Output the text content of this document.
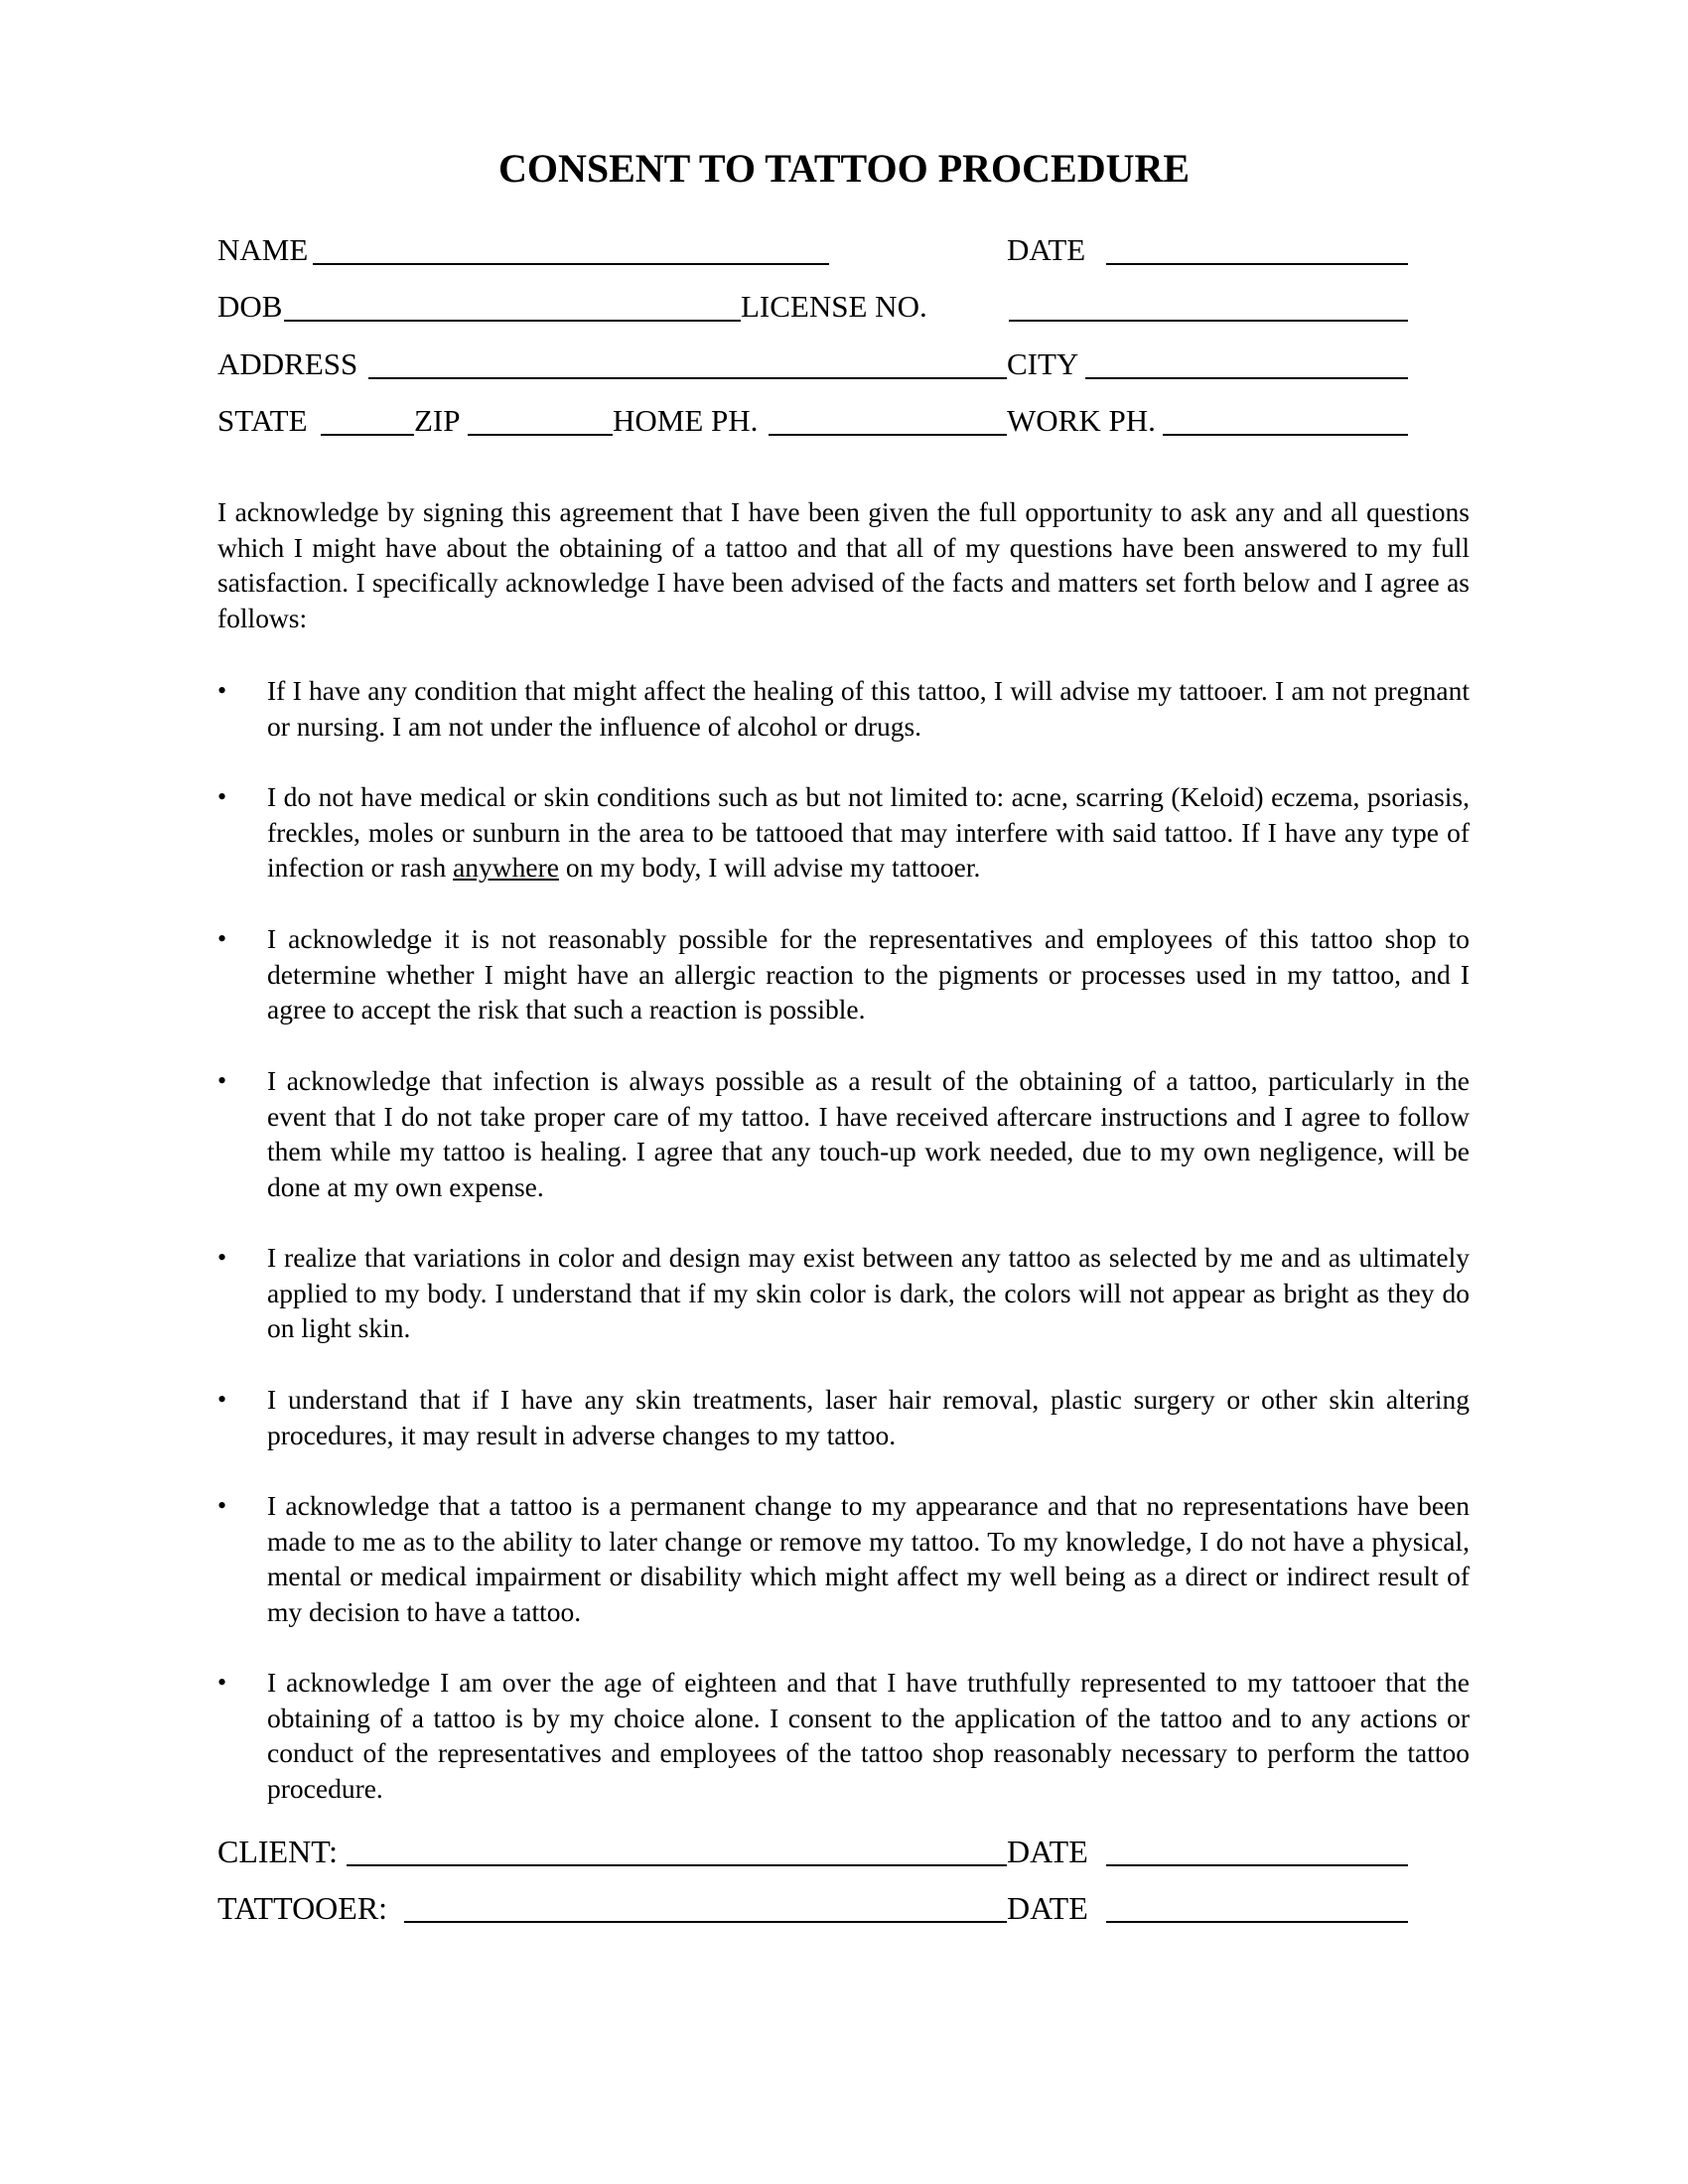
CONSENT TO TATTOO PROCEDURE
NAME	DATE
DOB	LICENSE NO.
ADDRESS	CITY
STATE	ZIP	HOME PH.	WORK PH.

I acknowledge by signing this agreement that I have been given the full opportunity to ask any and all questions which I might have about the obtaining of a tattoo and that all of my questions have been answered to my full satisfaction. I specifically acknowledge I have been advised of the facts and matters set forth below and I agree as follows:

• If I have any condition that might affect the healing of this tattoo, I will advise my tattooer. I am not pregnant or nursing. I am not under the influence of alcohol or drugs.
• I do not have medical or skin conditions such as but not limited to: acne, scarring (Keloid) eczema, psoriasis, freckles, moles or sunburn in the area to be tattooed that may interfere with said tattoo. If I have any type of infection or rash anywhere on my body, I will advise my tattooer.
• I acknowledge it is not reasonably possible for the representatives and employees of this tattoo shop to determine whether I might have an allergic reaction to the pigments or processes used in my tattoo, and I agree to accept the risk that such a reaction is possible.
• I acknowledge that infection is always possible as a result of the obtaining of a tattoo, particularly in the event that I do not take proper care of my tattoo. I have received aftercare instructions and I agree to follow them while my tattoo is healing. I agree that any touch-up work needed, due to my own negligence, will be done at my own expense.
• I realize that variations in color and design may exist between any tattoo as selected by me and as ultimately applied to my body. I understand that if my skin color is dark, the colors will not appear as bright as they do on light skin.
• I understand that if I have any skin treatments, laser hair removal, plastic surgery or other skin altering procedures, it may result in adverse changes to my tattoo.
• I acknowledge that a tattoo is a permanent change to my appearance and that no representations have been made to me as to the ability to later change or remove my tattoo. To my knowledge, I do not have a physical, mental or medical impairment or disability which might affect my well being as a direct or indirect result of my decision to have a tattoo.
• I acknowledge I am over the age of eighteen and that I have truthfully represented to my tattooer that the obtaining of a tattoo is by my choice alone. I consent to the application of the tattoo and to any actions or conduct of the representatives and employees of the tattoo shop reasonably necessary to perform the tattoo procedure.
CLIENT:	DATE
TATTOOER:	DATE
